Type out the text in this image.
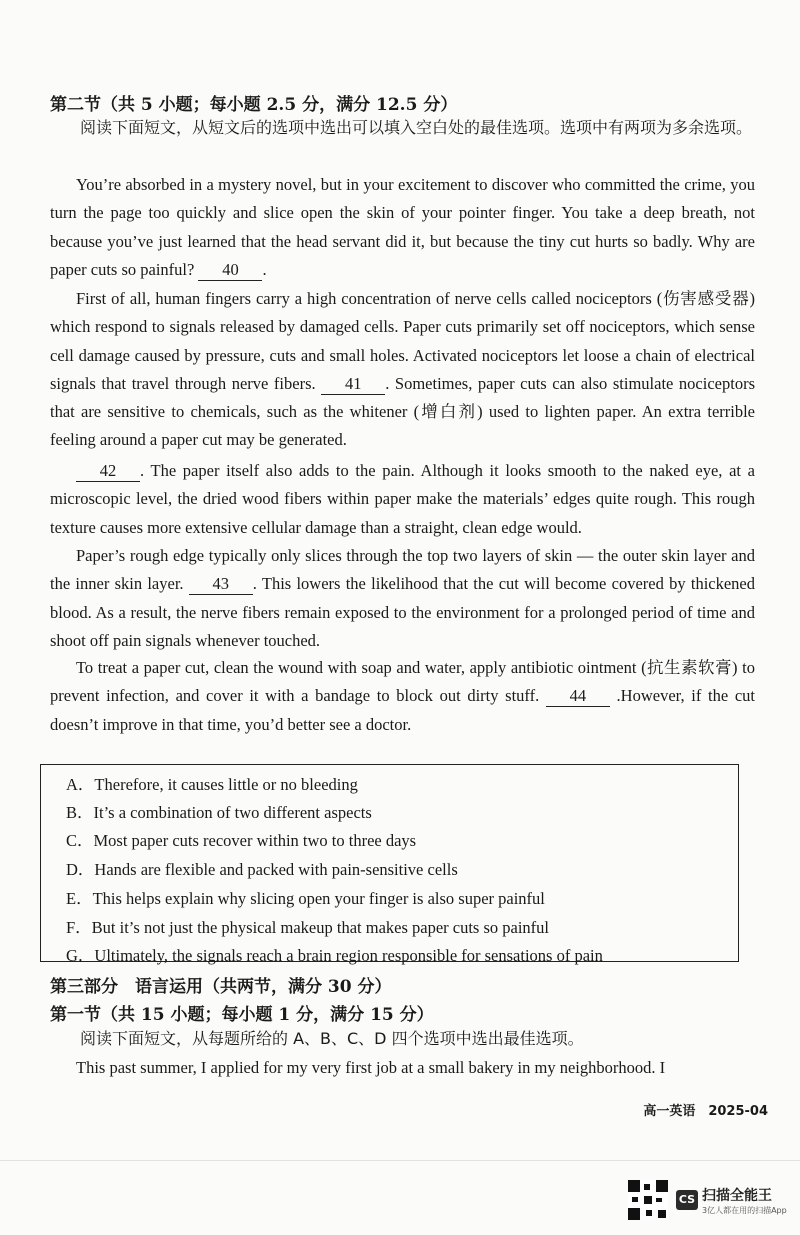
第二节（共 5 小题；每小题 2.5 分，满分 12.5 分）
阅读下面短文，从短文后的选项中选出可以填入空白处的最佳选项。选项中有两项为多余选项。
You’re absorbed in a mystery novel, but in your excitement to discover who committed the crime, you turn the page too quickly and slice open the skin of your pointer finger. You take a deep breath, not because you’ve just learned that the head servant did it, but because the tiny cut hurts so badly. Why are paper cuts so painful? 40 .
First of all, human fingers carry a high concentration of nerve cells called nociceptors (伤害感受器) which respond to signals released by damaged cells. Paper cuts primarily set off nociceptors, which sense cell damage caused by pressure, cuts and small holes. Activated nociceptors let loose a chain of electrical signals that travel through nerve fibers. 41 . Sometimes, paper cuts can also stimulate nociceptors that are sensitive to chemicals, such as the whitener (增白剂) used to lighten paper. An extra terrible feeling around a paper cut may be generated.
42 . The paper itself also adds to the pain. Although it looks smooth to the naked eye, at a microscopic level, the dried wood fibers within paper make the materials’ edges quite rough. This rough texture causes more extensive cellular damage than a straight, clean edge would.
Paper’s rough edge typically only slices through the top two layers of skin — the outer skin layer and the inner skin layer. 43 . This lowers the likelihood that the cut will become covered by thickened blood. As a result, the nerve fibers remain exposed to the environment for a prolonged period of time and shoot off pain signals whenever touched.
To treat a paper cut, clean the wound with soap and water, apply antibiotic ointment (抗生素软膏) to prevent infection, and cover it with a bandage to block out dirty stuff. 44 .However, if the cut doesn’t improve in that time, you’d better see a doctor.
A．Therefore, it causes little or no bleeding
B．It’s a combination of two different aspects
C．Most paper cuts recover within two to three days
D．Hands are flexible and packed with pain-sensitive cells
E．This helps explain why slicing open your finger is also super painful
F．But it’s not just the physical makeup that makes paper cuts so painful
G．Ultimately, the signals reach a brain region responsible for sensations of pain
第三部分　语言运用（共两节，满分 30 分）
第一节（共 15 小题；每小题 1 分，满分 15 分）
阅读下面短文，从每题所给的 A、B、C、D 四个选项中选出最佳选项。
This past summer, I applied for my very first job at a small bakery in my neighborhood. I
高一英语　2025-04
CS 扫描全能王
3亿人都在用的扫描App
